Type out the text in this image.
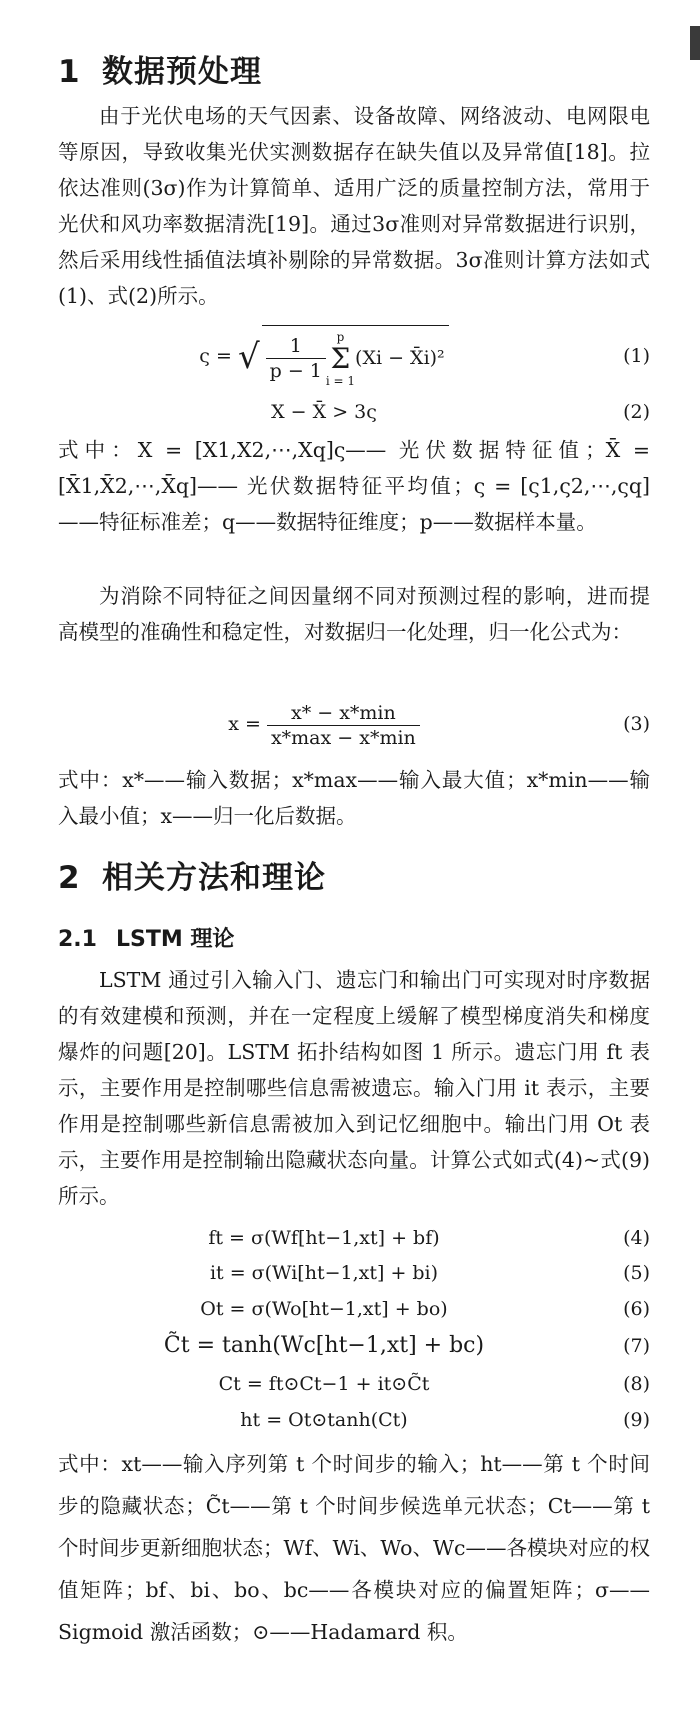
1 数据预处理

由于光伏电场的天气因素、设备故障、网络波动、电网限电等原因，导致收集光伏实测数据存在缺失值以及异常值[18]。拉依达准则(3σ)作为计算简单、适用广泛的质量控制方法，常用于光伏和风功率数据清洗[19]。通过3σ准则对异常数据进行识别，然后采用线性插值法填补剔除的异常数据。3σ准则计算方法如式(1)、式(2)所示。

ς = √ $\frac{1}{p - 1}$ p
Σ
i = 1(Xi − X̄i)²	(1)
X − X̄ > 3ς	(2)

式中：X = [X1,X2,⋯,Xq]ς—— 光伏数据特征值；X̄ = [X̄1,X̄2,⋯,X̄q]—— 光伏数据特征平均值；ς = [ς1,ς2,⋯,ςq]——特征标准差；q——数据特征维度；p——数据样本量。

为消除不同特征之间因量纲不同对预测过程的影响，进而提高模型的准确性和稳定性，对数据归一化处理，归一化公式为：

$x = \frac{x* - x*\min}{x*\max - x*\min}$	(3)

式中：x*——输入数据；x*max——输入最大值；x*min——输入最小值；x——归一化后数据。

2 相关方法和理论
2.1 LSTM 理论

LSTM 通过引入输入门、遗忘门和输出门可实现对时序数据的有效建模和预测，并在一定程度上缓解了模型梯度消失和梯度爆炸的问题[20]。LSTM 拓扑结构如图 1 所示。遗忘门用 ft 表示，主要作用是控制哪些信息需被遗忘。输入门用 it 表示，主要作用是控制哪些新信息需被加入到记忆细胞中。输出门用 Ot 表示，主要作用是控制输出隐藏状态向量。计算公式如式(4)~式(9)所示。

ft = σ(Wf[ht−1,xt] + bf)	(4)
it = σ(Wi[ht−1,xt] + bi)	(5)
Ot = σ(Wo[ht−1,xt] + bo)	(6)
C̃t = tanh(Wc[ht−1,xt] + bc)	(7)
Ct = ft⊙Ct−1 + it⊙C̃t	(8)
ht = Ot⊙tanh(Ct)	(9)

式中：xt——输入序列第 t 个时间步的输入；ht——第 t 个时间步的隐藏状态；C̃t——第 t 个时间步候选单元状态；Ct——第 t 个时间步更新细胞状态；Wf、Wi、Wo、Wc——各模块对应的权值矩阵；bf、bi、bo、bc——各模块对应的偏置矩阵；σ——Sigmoid 激活函数；⊙——Hadamard 积。
